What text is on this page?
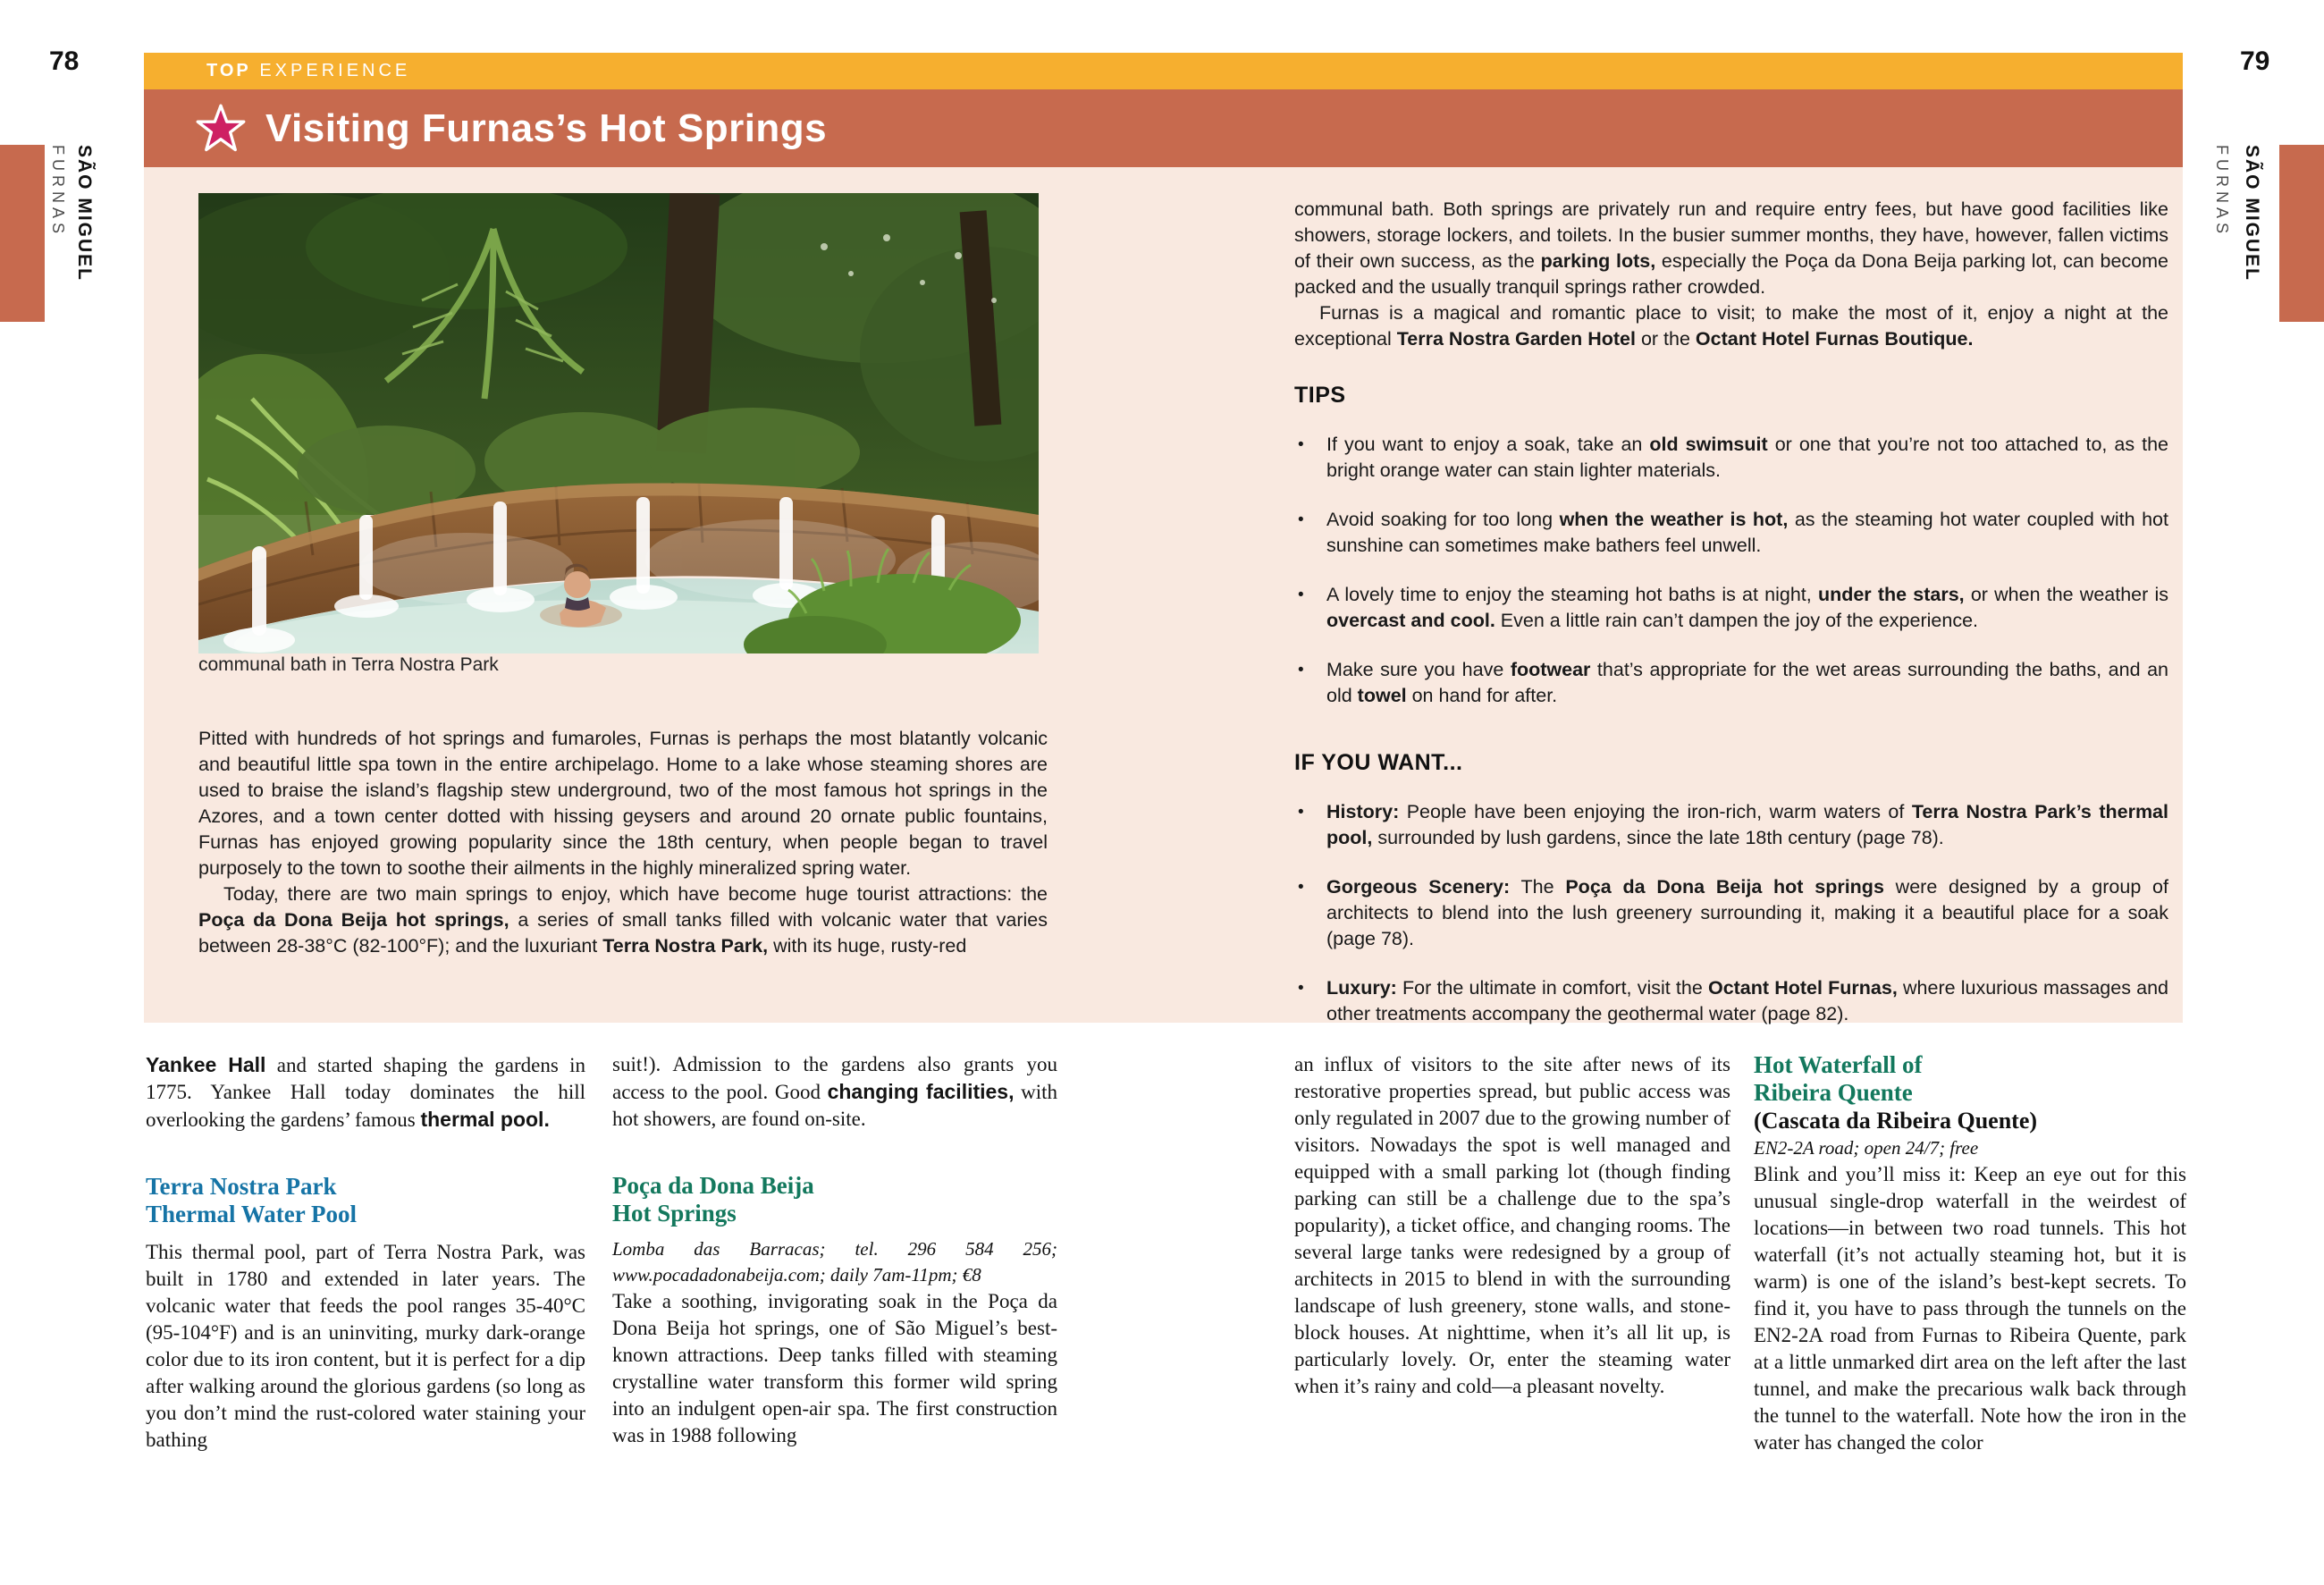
78	79
FURNAS SÃO MIGUEL	FURNAS SÃO MIGUEL
TOP EXPERIENCE
Visiting Furnas’s Hot Springs
communal bath in Terra Nostra Park

Pitted with hundreds of hot springs and fumaroles, Furnas is perhaps the most blatantly volcanic and beautiful little spa town in the entire archipelago. Home to a lake whose steaming shores are used to braise the island’s flagship stew underground, two of the most famous hot springs in the Azores, and a town center dotted with hissing geysers and around 20 ornate public fountains, Furnas has enjoyed growing popularity since the 18th century, when people began to travel purposely to the town to soothe their ailments in the highly mineralized spring water.

Today, there are two main springs to enjoy, which have become huge tourist attractions: the Poça da Dona Beija hot springs, a series of small tanks filled with volcanic water that varies between 28-38°C (82-100°F); and the luxuriant Terra Nostra Park, with its huge, rusty-red

communal bath. Both springs are privately run and require entry fees, but have good facilities like showers, storage lockers, and toilets. In the busier summer months, they have, however, fallen victims of their own success, as the parking lots, especially the Poça da Dona Beija parking lot, can become packed and the usually tranquil springs rather crowded.

Furnas is a magical and romantic place to visit; to make the most of it, enjoy a night at the exceptional Terra Nostra Garden Hotel or the Octant Hotel Furnas Boutique.

TIPS
•	If you want to enjoy a soak, take an old swimsuit or one that you’re not too attached to, as the bright orange water can stain lighter materials.
•	Avoid soaking for too long when the weather is hot, as the steaming hot water coupled with hot sunshine can sometimes make bathers feel unwell.
•	A lovely time to enjoy the steaming hot baths is at night, under the stars, or when the weather is overcast and cool. Even a little rain can’t dampen the joy of the experience.
•	Make sure you have footwear that’s appropriate for the wet areas surrounding the baths, and an old towel on hand for after.
IF YOU WANT...
•	History: People have been enjoying the iron-rich, warm waters of Terra Nostra Park’s thermal pool, surrounded by lush gardens, since the late 18th century (page 78).
•	Gorgeous Scenery: The Poça da Dona Beija hot springs were designed by a group of architects to blend into the lush greenery surrounding it, making it a beautiful place for a soak (page 78).
•	Luxury: For the ultimate in comfort, visit the Octant Hotel Furnas, where luxurious massages and other treatments accompany the geothermal water (page 82).

Yankee Hall and started shaping the gardens in 1775. Yankee Hall today dominates the hill overlooking the gardens’ famous thermal pool.

Terra Nostra Park
Thermal Water Pool

This thermal pool, part of Terra Nostra Park, was built in 1780 and extended in later years. The volcanic water that feeds the pool ranges 35-40°C (95-104°F) and is an uninviting, murky dark-orange color due to its iron content, but it is perfect for a dip after walking around the glorious gardens (so long as you don’t mind the rust-colored water staining your bathing

suit!). Admission to the gardens also grants you access to the pool. Good changing facilities, with hot showers, are found on-site.

Poça da Dona Beija
Hot Springs

Lomba das Barracas; tel. 296 584 256; www.pocadadonabeija.com; daily 7am-11pm; €8

Take a soothing, invigorating soak in the Poça da Dona Beija hot springs, one of São Miguel’s best-known attractions. Deep tanks filled with steaming crystalline water transform this former wild spring into an indulgent open-air spa. The first construction was in 1988 following

an influx of visitors to the site after news of its restorative properties spread, but public access was only regulated in 2007 due to the growing number of visitors. Nowadays the spot is well managed and equipped with a small parking lot (though finding parking can still be a challenge due to the spa’s popularity), a ticket office, and changing rooms. The several large tanks were redesigned by a group of architects in 2015 to blend in with the surrounding landscape of lush greenery, stone walls, and stone-block houses. At nighttime, when it’s all lit up, is particularly lovely. Or, enter the steaming water when it’s rainy and cold—a pleasant novelty.

Hot Waterfall of
Ribeira Quente

(Cascata da Ribeira Quente)

EN2-2A road; open 24/7; free

Blink and you’ll miss it: Keep an eye out for this unusual single-drop waterfall in the weirdest of locations—in between two road tunnels. This hot waterfall (it’s not actually steaming hot, but it is warm) is one of the island’s best-kept secrets. To find it, you have to pass through the tunnels on the EN2-2A road from Furnas to Ribeira Quente, park at a little unmarked dirt area on the left after the last tunnel, and make the precarious walk back through the tunnel to the waterfall. Note how the iron in the water has changed the color
